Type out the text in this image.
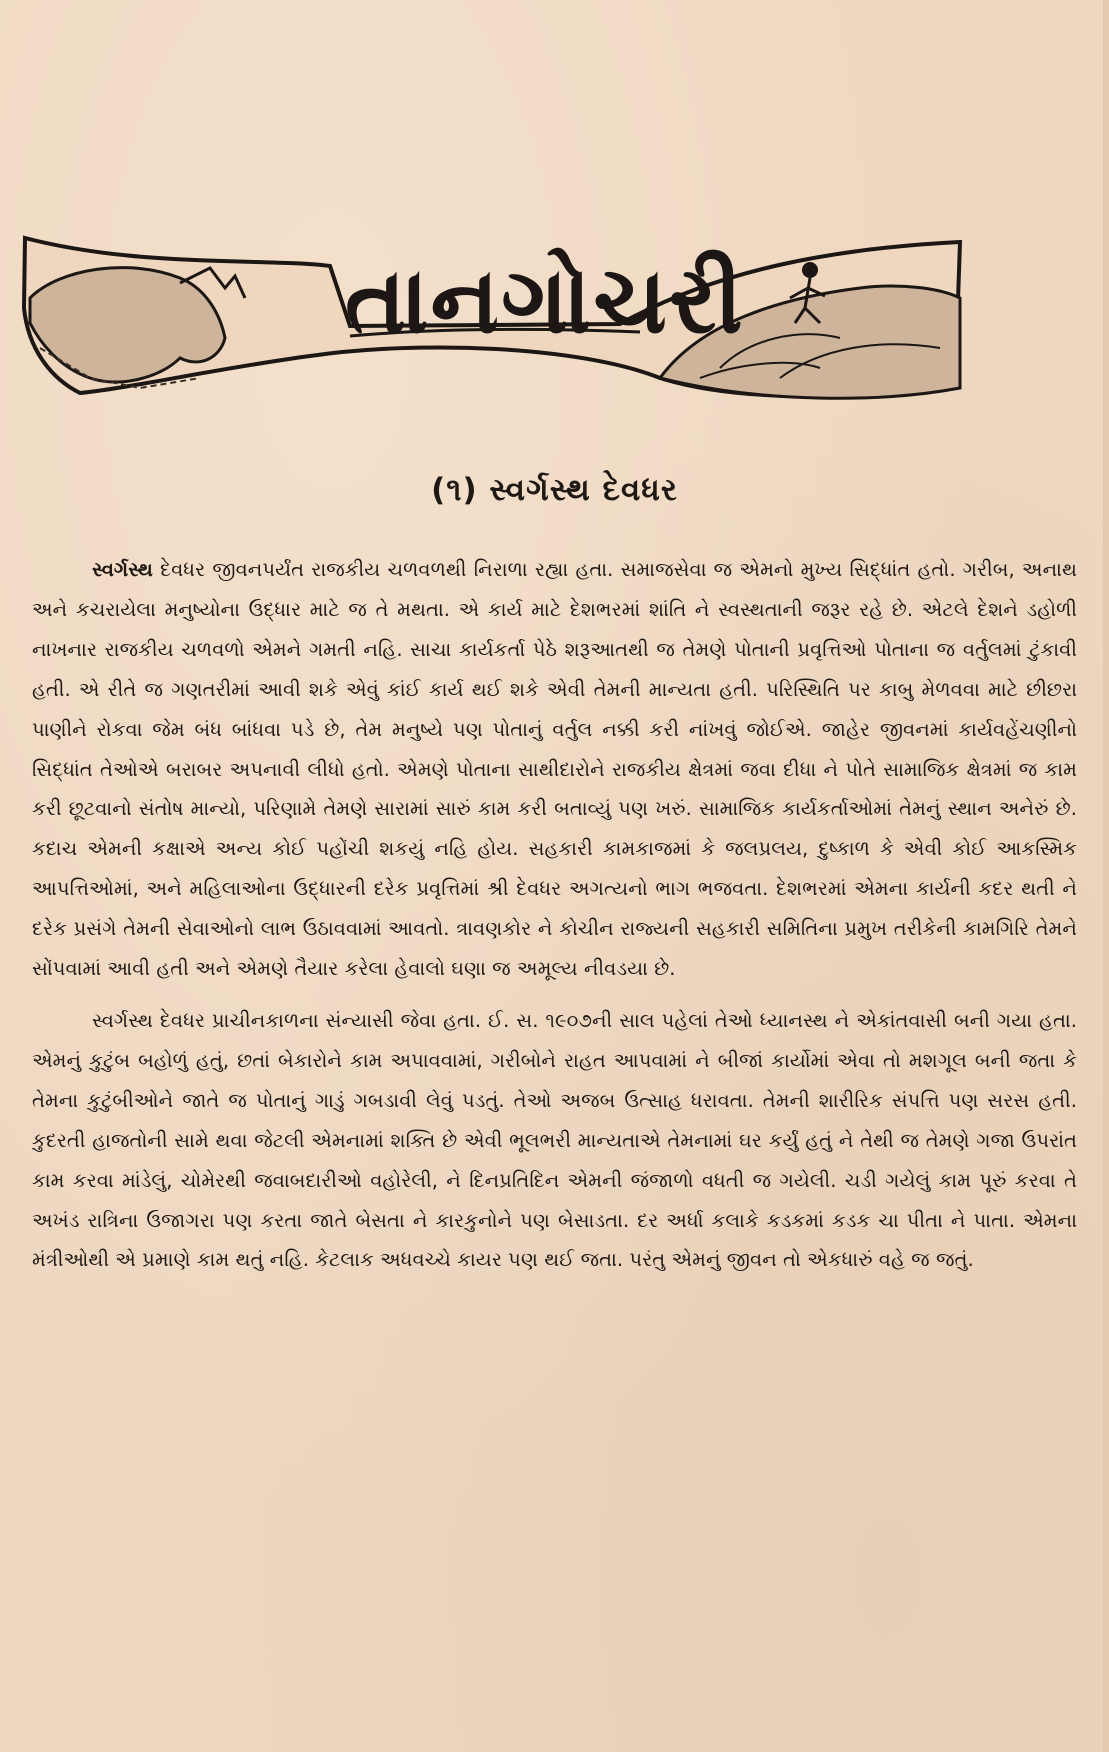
તાનગોચરી
(૧) સ્વર્ગસ્થ દેવધર

સ્વર્ગસ્થ દેવધર જીવનપર્યંત રાજકીય ચળવળથી નિરાળા રહ્યા હતા. સમાજસેવા જ એમનો મુખ્ય સિદ્ધાંત હતો. ગરીબ, અનાથ અને કચરાયેલા મનુષ્યોના ઉદ્ધાર માટે જ તે મથતા. એ કાર્ય માટે દેશભરમાં શાંતિ ને સ્વસ્થતાની જરૂર રહે છે. એટલે દેશને ડહોળી નાખનાર રાજકીય ચળવળો એમને ગમતી નહિ. સાચા કાર્યકર્તા પેઠે શરૂઆતથી જ તેમણે પોતાની પ્રવૃત્તિઓ પોતાના જ વર્તુલમાં ટુંકાવી હતી. એ રીતે જ ગણતરીમાં આવી શકે એવું કાંઈ કાર્ય થઈ શકે એવી તેમની માન્યતા હતી. પરિસ્થિતિ પર કાબુ મેળવવા માટે છીછરા પાણીને રોકવા જેમ બંધ બાંધવા પડે છે, તેમ મનુષ્યે પણ પોતાનું વર્તુલ નક્કી કરી નાંખવું જોઈએ. જાહેર જીવનમાં કાર્યવહેંચણીનો સિદ્ધાંત તેઓએ બરાબર અપનાવી લીધો હતો. એમણે પોતાના સાથીદારોને રાજકીય ક્ષેત્રમાં જવા દીધા ને પોતે સામાજિક ક્ષેત્રમાં જ કામ કરી છૂટવાનો સંતોષ માન્યો, પરિણામે તેમણે સારામાં સારું કામ કરી બતાવ્યું પણ ખરું. સામાજિક કાર્યકર્તાઓમાં તેમનું સ્થાન અનેરું છે. કદાચ એમની કક્ષાએ અન્ય કોઈ પહોંચી શકયું નહિ હોય. સહકારી કામકાજમાં કે જલપ્રલય, દુષ્કાળ કે એવી કોઈ આકસ્મિક આપત્તિઓમાં, અને મહિલાઓના ઉદ્ધારની દરેક પ્રવૃત્તિમાં શ્રી દેવધર અગત્યનો ભાગ ભજવતા. દેશભરમાં એમના કાર્યની કદર થતી ને દરેક પ્રસંગે તેમની સેવાઓનો લાભ ઉઠાવવામાં આવતો. ત્રાવણકોર ને કોચીન રાજ્યની સહકારી સમિતિના પ્રમુખ તરીકેની કામગિરિ તેમને સોંપવામાં આવી હતી અને એમણે તૈયાર કરેલા હેવાલો ઘણા જ અમૂલ્ય નીવડયા છે.

સ્વર્ગસ્થ દેવધર પ્રાચીનકાળના સંન્યાસી જેવા હતા. ઈ. સ. ૧૯૦૭ની સાલ પહેલાં તેઓ ધ્યાનસ્થ ને એકાંતવાસી બની ગયા હતા. એમનું કુટુંબ બહોળું હતું, છતાં બેકારોને કામ અપાવવામાં, ગરીબોને રાહત આપવામાં ને બીજાં કાર્યોમાં એવા તો મશગૂલ બની જતા કે તેમના કુટુંબીઓને જાતે જ પોતાનું ગાડું ગબડાવી લેવું પડતું. તેઓ અજબ ઉત્સાહ ધરાવતા. તેમની શારીરિક સંપત્તિ પણ સરસ હતી. કુદરતી હાજતોની સામે થવા જેટલી એમનામાં શક્તિ છે એવી ભૂલભરી માન્યતાએ તેમનામાં ઘર કર્યું હતું ને તેથી જ તેમણે ગજા ઉપરાંત કામ કરવા માંડેલું, ચોમેરથી જવાબદારીઓ વહોરેલી, ને દિનપ્રતિદિન એમની જંજાળો વધતી જ ગયેલી. ચડી ગયેલું કામ પૂરું કરવા તે અખંડ રાત્રિના ઉજાગરા પણ કરતા જાતે બેસતા ને કારકુનોને પણ બેસાડતા. દર અર્ધા કલાકે કડકમાં કડક ચા પીતા ને પાતા. એમના મંત્રીઓથી એ પ્રમાણે કામ થતું નહિ. કેટલાક અધવચ્ચે કાયર પણ થઈ જતા. પરંતુ એમનું જીવન તો એકધારું વહે જ જતું.
